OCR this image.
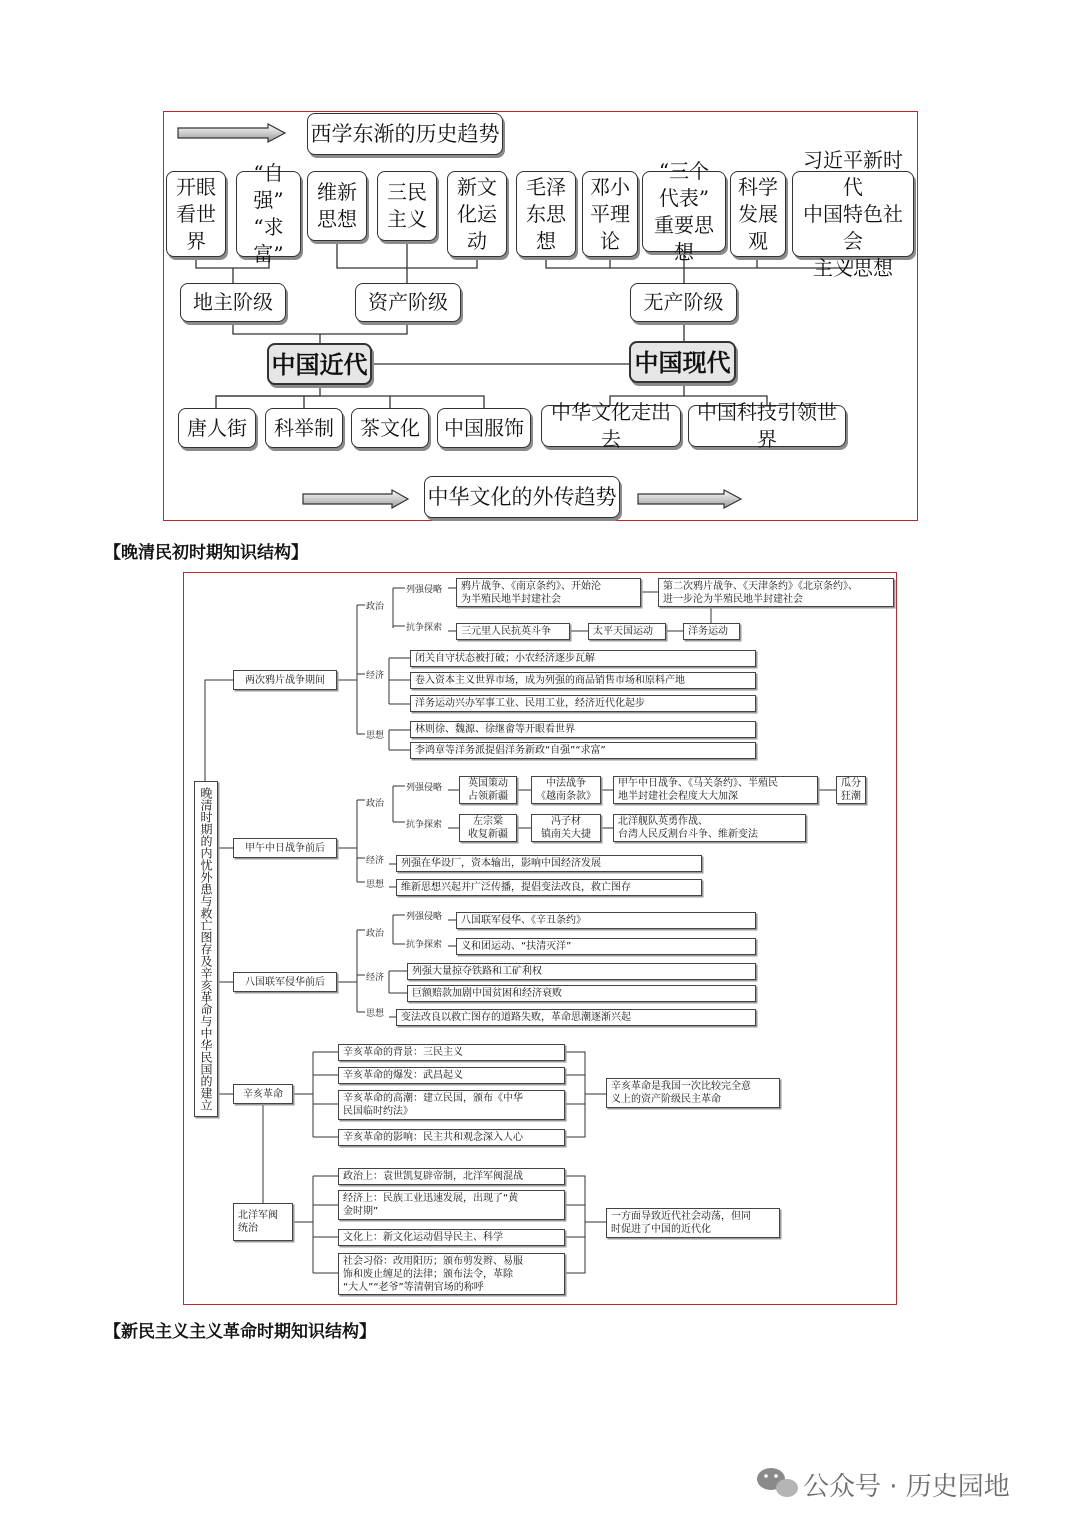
西学东渐的历史趋势
开眼
看世
界
“自强”
“求富”
维新
思想
三民
主义
新文
化运
动
毛泽
东思
想
邓小
平理
论
“三个
代表”
重要思想
科学
发展
观
习近平新时代
中国特色社会
主义思想
地主阶级	资产阶级	无产阶级
中国近代	中国现代
唐人街 科举制 茶文化 中国服饰
中华文化走出去
中国科技引领世界
中华文化的外传趋势
【晚清民初时期知识结构】
晚清时期的内忧外患与救亡图存及辛亥革命与中华民国的建立
两次鸦片战争期间
甲午中日战争前后
八国联军侵华前后
辛亥革命
北洋军阀
统治
政治
列强侵略
抗争探索
经济
思想
鸦片战争、《南京条约》、开始沦
为半殖民地半封建社会
第二次鸦片战争、《天津条约》《北京条约》、
进一步沦为半殖民地半封建社会
三元里人民抗英斗争	太平天国运动	洋务运动
闭关自守状态被打破；小农经济逐步瓦解
卷入资本主义世界市场，成为列强的商品销售市场和原料产地
洋务运动兴办军事工业、民用工业，经济近代化起步
林则徐、魏源、徐继畬等开眼看世界
李鸿章等洋务派提倡洋务新政“自强”“求富”
政治
列强侵略
抗争探索
经济
思想
英国策动
占领新疆
中法战争
《越南条款》
甲午中日战争、《马关条约》、半殖民
地半封建社会程度大大加深
瓜分
狂潮
左宗棠
收复新疆
冯子材
镇南关大捷
北洋舰队英勇作战、
台湾人民反割台斗争、维新变法
列强在华设厂，资本输出，影响中国经济发展
维新思想兴起并广泛传播，提倡变法改良，救亡图存
政治
列强侵略
抗争探索
经济
思想
八国联军侵华、《辛丑条约》
义和团运动、“扶清灭洋”
列强大量掠夺铁路和工矿利权
巨额赔款加剧中国贫困和经济衰败
变法改良以救亡图存的道路失败，革命思潮逐渐兴起
辛亥革命的背景：三民主义
辛亥革命的爆发：武昌起义
辛亥革命的高潮：建立民国，颁布《中华
民国临时约法》
辛亥革命的影响：民主共和观念深入人心
辛亥革命是我国一次比较完全意
义上的资产阶级民主革命
政治上：袁世凯复辟帝制，北洋军阀混战
经济上：民族工业迅速发展，出现了“黄
金时期”
文化上：新文化运动倡导民主、科学
社会习俗：改用阳历；颁布剪发辫、易服
饰和废止缠足的法律；颁布法令，革除
“大人”“老爷”等清朝官场的称呼
一方面导致近代社会动荡，但同
时促进了中国的近代化
【新民主义主义革命时期知识结构】
公众号 · 历史园地
